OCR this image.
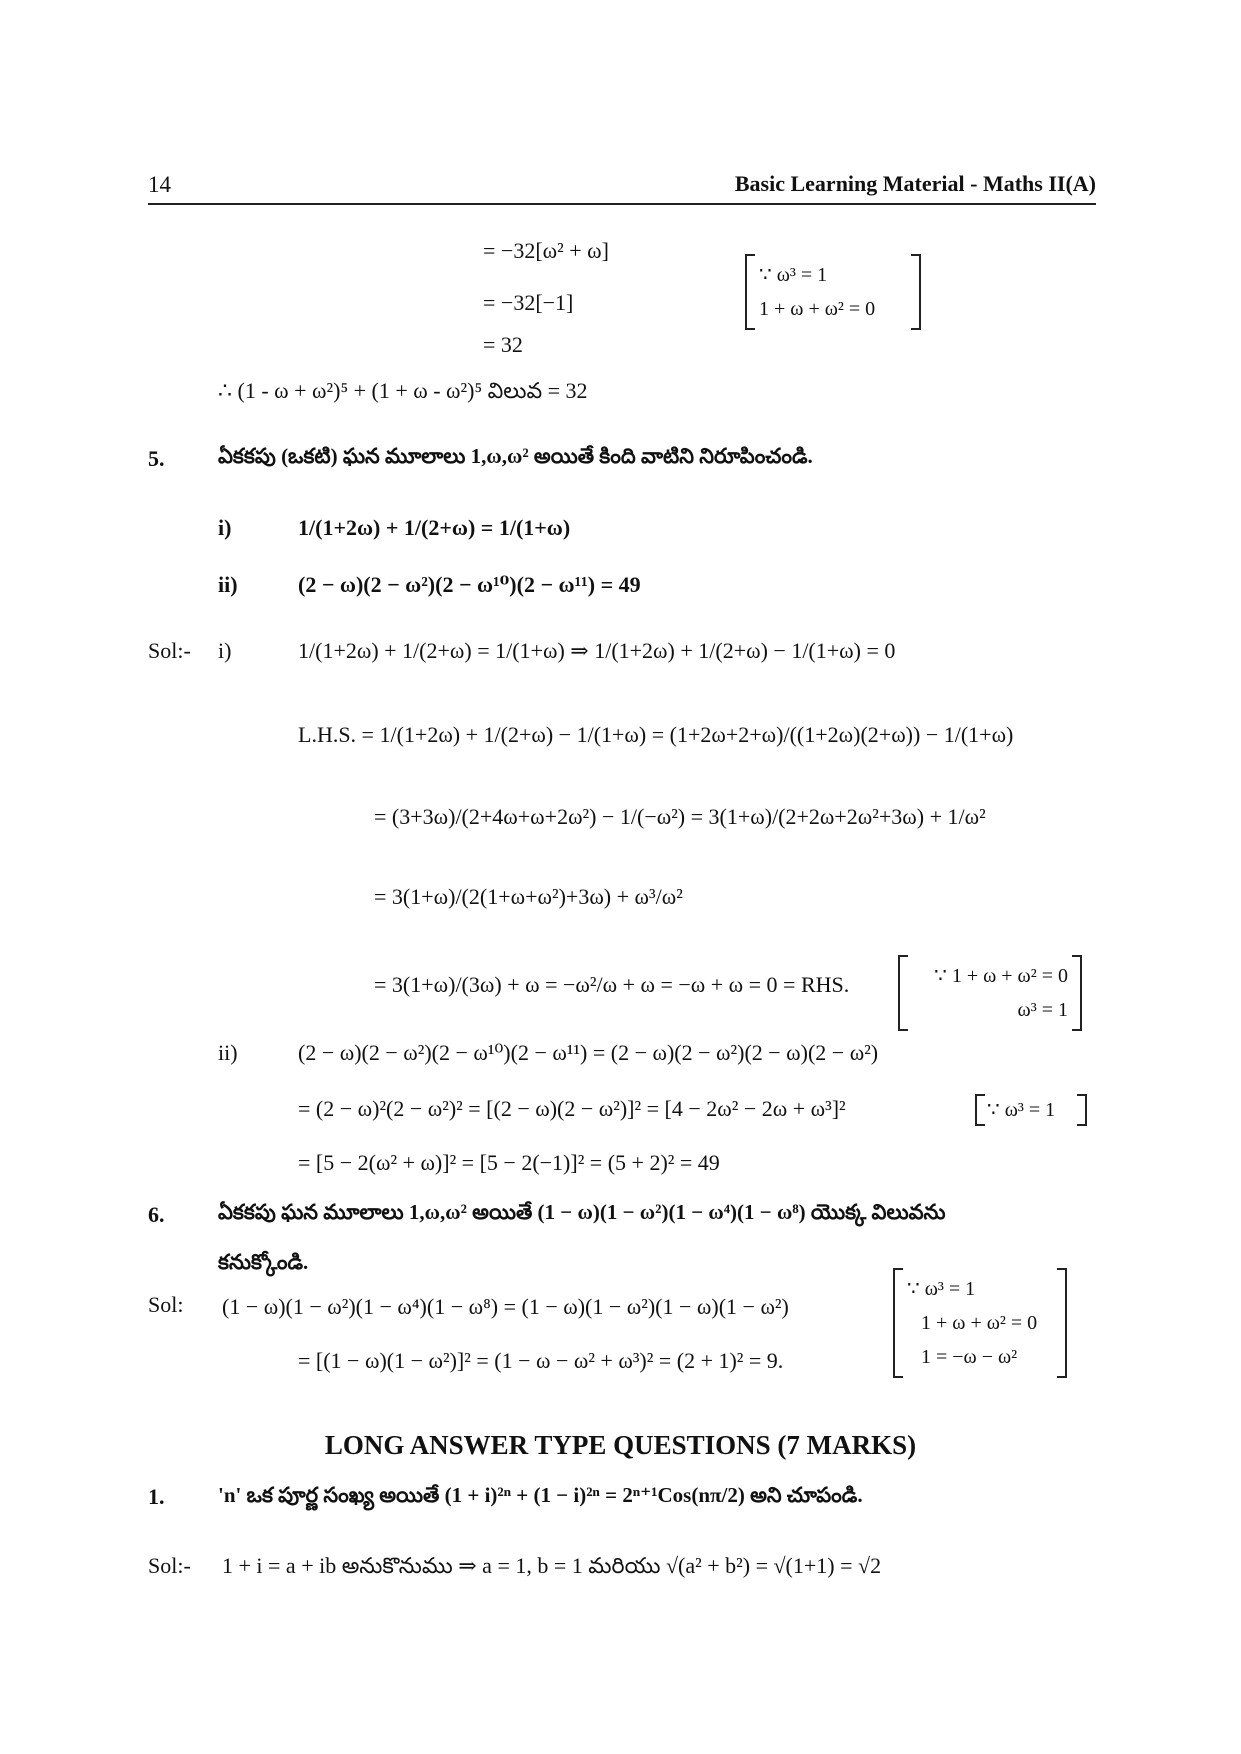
14	Basic Learning Material - Maths II(A)
= −32[ω² + ω]
= −32[−1]
= 32
∵ ω³ = 1
1 + ω + ω² = 0
∴ (1 - ω + ω²)⁵ + (1 + ω - ω²)⁵ విలువ = 32
5.	ఏకకపు (ఒకటి) ఘన మూలాలు 1,ω,ω² అయితే కింది వాటిని నిరూపించండి.
i)	1/(1+2ω) + 1/(2+ω) = 1/(1+ω)
ii)	(2 − ω)(2 − ω²)(2 − ω¹⁰)(2 − ω¹¹) = 49
Sol:- i)	1/(1+2ω) + 1/(2+ω) = 1/(1+ω) ⇒ 1/(1+2ω) + 1/(2+ω) − 1/(1+ω) = 0
L.H.S. = 1/(1+2ω) + 1/(2+ω) − 1/(1+ω) = (1+2ω+2+ω)/((1+2ω)(2+ω)) − 1/(1+ω)
= (3+3ω)/(2+4ω+ω+2ω²) − 1/(−ω²) = 3(1+ω)/(2+2ω+2ω²+3ω) + 1/ω²
= 3(1+ω)/(2(1+ω+ω²)+3ω) + ω³/ω²
= 3(1+ω)/(3ω) + ω = −ω²/ω + ω = −ω + ω = 0 = RHS.	∵ 1 + ω + ω² = 0
ω³ = 1
ii)	(2 − ω)(2 − ω²)(2 − ω¹⁰)(2 − ω¹¹) = (2 − ω)(2 − ω²)(2 − ω)(2 − ω²)
= (2 − ω)²(2 − ω²)² = [(2 − ω)(2 − ω²)]² = [4 − 2ω² − 2ω + ω³]²	∵ ω³ = 1
= [5 − 2(ω² + ω)]² = [5 − 2(−1)]² = (5 + 2)² = 49
6.	ఏకకపు ఘన మూలాలు 1,ω,ω² అయితే (1 − ω)(1 − ω²)(1 − ω⁴)(1 − ω⁸) యొక్క విలువను
కనుక్కోండి.
Sol: (1 − ω)(1 − ω²)(1 − ω⁴)(1 − ω⁸) = (1 − ω)(1 − ω²)(1 − ω)(1 − ω²)
= [(1 − ω)(1 − ω²)]² = (1 − ω − ω² + ω³)² = (2 + 1)² = 9.
∵ ω³ = 1
1 + ω + ω² = 0
1 = −ω − ω²
LONG ANSWER TYPE QUESTIONS (7 MARKS)
1.	'n' ఒక పూర్ణ సంఖ్య అయితే (1 + i)²ⁿ + (1 − i)²ⁿ = 2ⁿ⁺¹Cos(nπ/2) అని చూపండి.
Sol:- 1 + i = a + ib అనుకొనుము ⇒ a = 1, b = 1 మరియు √(a² + b²) = √(1+1) = √2
